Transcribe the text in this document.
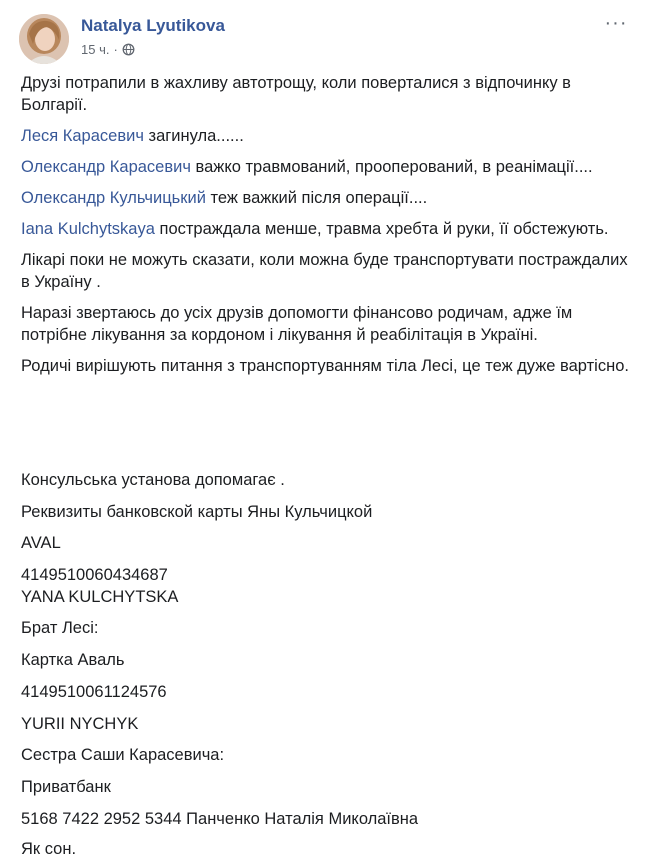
Natalya Lyutikova
15 ч. ·
···

Друзі потрапили в жахливу автотрощу, коли поверталися з відпочинку в Болгарії.

Леся Карасевич загинула......

Олександр Карасевич важко травмований, прооперований, в реанімації....

Олександр Кульчицький теж важкий після операції....

Iana Kulchytskaya постраждала менше, травма хребта й руки, її обстежують.

Лікарі поки не можуть сказати, коли можна буде транспортувати постраждалих в Україну .

Наразі звертаюсь до усіх друзів допомогти фінансово родичам, адже їм потрібне лікування за кордоном і лікування й реабілітація в Україні.

Родичі вирішують питання з транспортуванням тіла Лесі, це теж дуже вартісно.

Консульська установа допомагає .
Реквизиты банковской карты Яны Кульчицкой
AVAL
4149510060434687
YANA KULCHYTSKA
Брат Лесі:
Картка Аваль
4149510061124576
YURII NYCHYK
Сестра Саши Карасевича:
Приватбанк
5168 7422 2952 5344 Панченко Наталія Миколаївна
Як сон.
